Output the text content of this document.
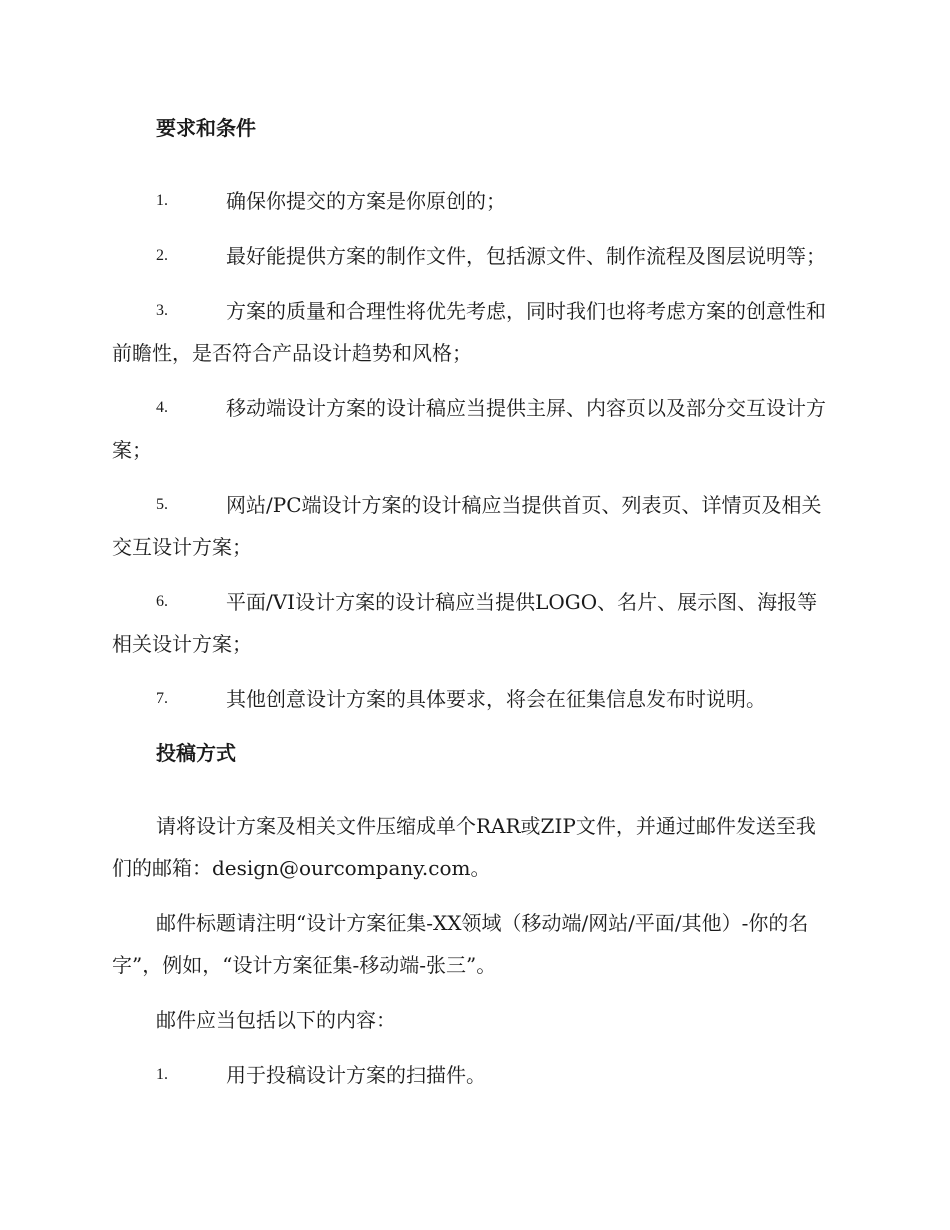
要求和条件
1.	确保你提交的方案是你原创的；
2.	最好能提供方案的制作文件，包括源文件、制作流程及图层说明等；
3.	方案的质量和合理性将优先考虑，同时我们也将考虑方案的创意性和前瞻性，是否符合产品设计趋势和风格；
4.	移动端设计方案的设计稿应当提供主屏、内容页以及部分交互设计方案；
5.	网站/PC端设计方案的设计稿应当提供首页、列表页、详情页及相关交互设计方案；
6.	平面/VI设计方案的设计稿应当提供LOGO、名片、展示图、海报等相关设计方案；
7.	其他创意设计方案的具体要求，将会在征集信息发布时说明。
投稿方式
请将设计方案及相关文件压缩成单个RAR或ZIP文件，并通过邮件发送至我们的邮箱：design@ourcompany.com。
邮件标题请注明“设计方案征集-XX领域（移动端/网站/平面/其他）-你的名字”，例如，“设计方案征集-移动端-张三”。
邮件应当包括以下的内容：
1.	用于投稿设计方案的扫描件。
